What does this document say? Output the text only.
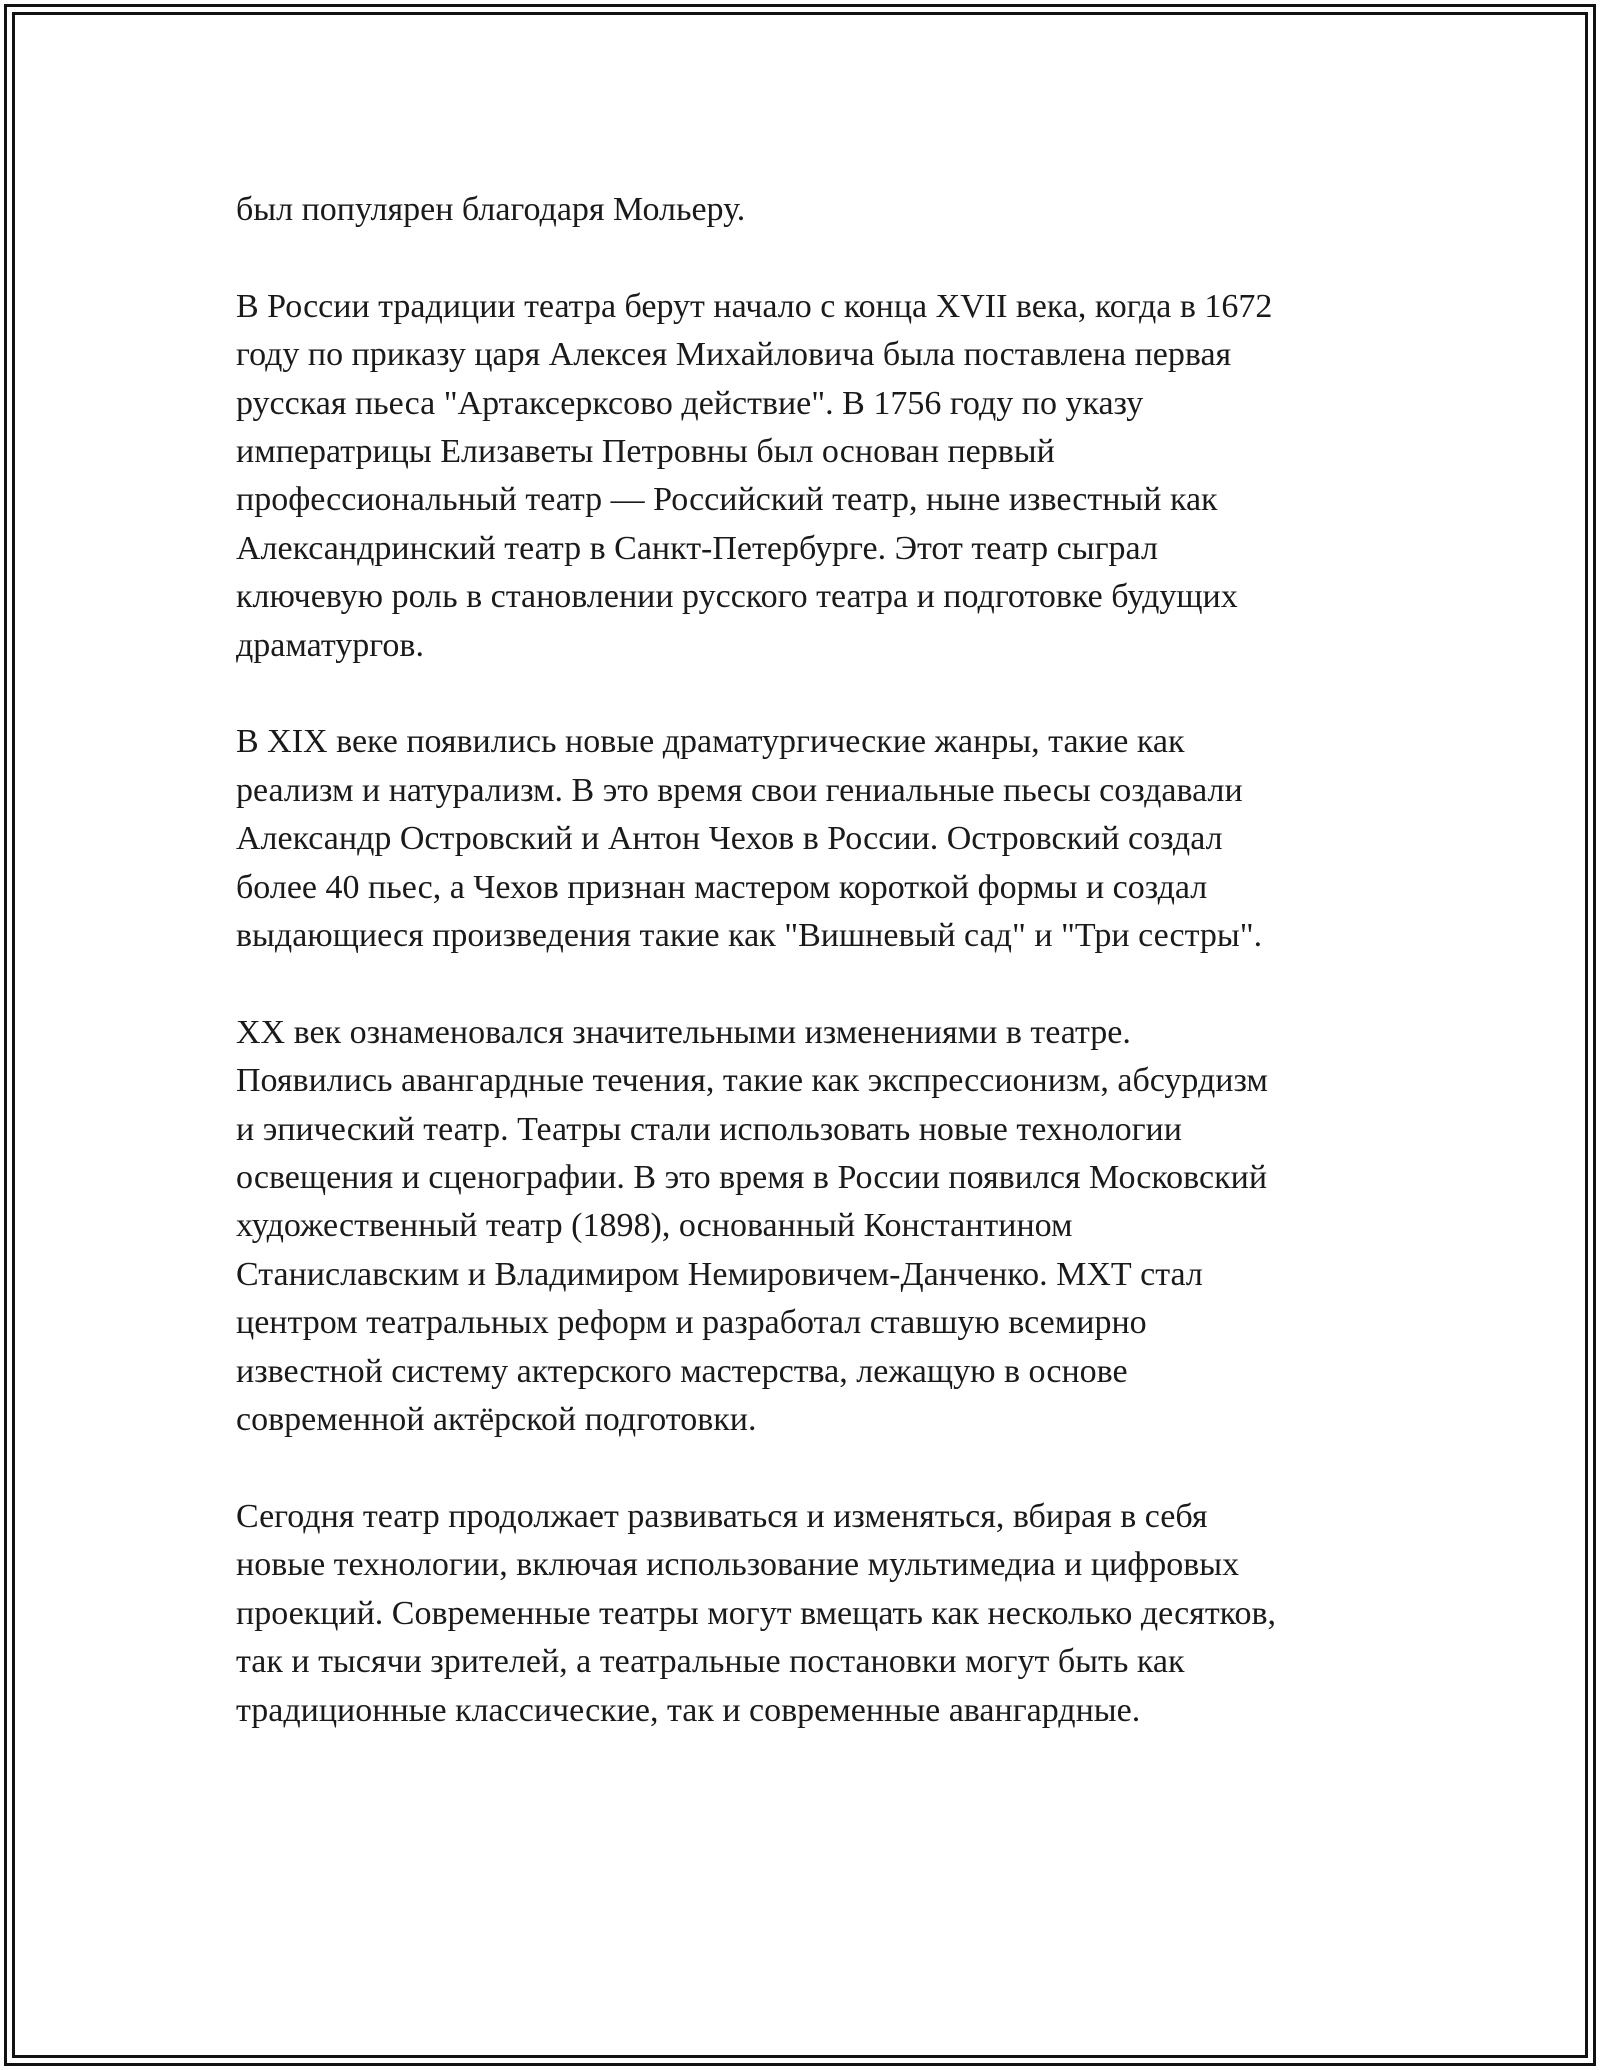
был популярен благодаря Мольеру.

В России традиции театра берут начало с конца XVII века, когда в 1672
году по приказу царя Алексея Михайловича была поставлена первая
русская пьеса "Артаксерксово действие". В 1756 году по указу
императрицы Елизаветы Петровны был основан первый
профессиональный театр — Российский театр, ныне известный как
Александринский театр в Санкт-Петербурге. Этот театр сыграл
ключевую роль в становлении русского театра и подготовке будущих
драматургов.

В XIX веке появились новые драматургические жанры, такие как
реализм и натурализм. В это время свои гениальные пьесы создавали
Александр Островский и Антон Чехов в России. Островский создал
более 40 пьес, а Чехов признан мастером короткой формы и создал
выдающиеся произведения такие как "Вишневый сад" и "Три сестры".

XX век ознаменовался значительными изменениями в театре.
Появились авангардные течения, такие как экспрессионизм, абсурдизм
и эпический театр. Театры стали использовать новые технологии
освещения и сценографии. В это время в России появился Московский
художественный театр (1898), основанный Константином
Станиславским и Владимиром Немировичем-Данченко. МХТ стал
центром театральных реформ и разработал ставшую всемирно
известной систему актерского мастерства, лежащую в основе
современной актёрской подготовки.

Сегодня театр продолжает развиваться и изменяться, вбирая в себя
новые технологии, включая использование мультимедиа и цифровых
проекций. Современные театры могут вмещать как несколько десятков,
так и тысячи зрителей, а театральные постановки могут быть как
традиционные классические, так и современные авангардные.
